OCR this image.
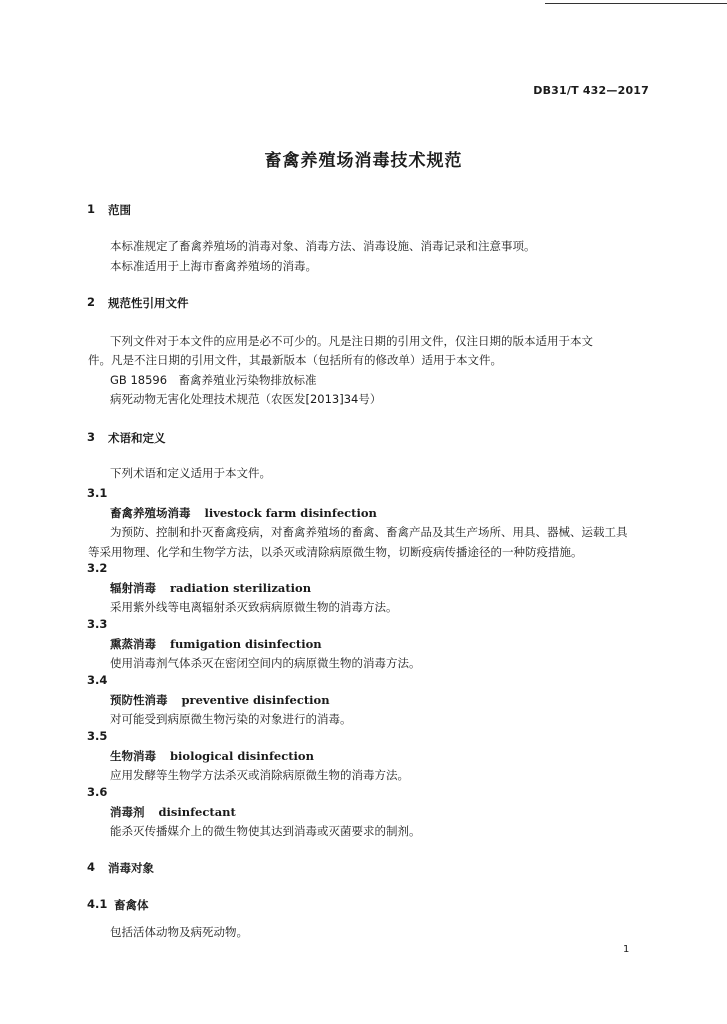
DB31/T 432—2017
畜禽养殖场消毒技术规范
1 范围
本标准规定了畜禽养殖场的消毒对象、消毒方法、消毒设施、消毒记录和注意事项。
本标准适用于上海市畜禽养殖场的消毒。
2 规范性引用文件
下列文件对于本文件的应用是必不可少的。凡是注日期的引用文件，仅注日期的版本适用于本文
件。凡是不注日期的引用文件，其最新版本（包括所有的修改单）适用于本文件。
GB 18596　畜禽养殖业污染物排放标准
病死动物无害化处理技术规范（农医发[2013]34号）
3 术语和定义
下列术语和定义适用于本文件。
3.1
畜禽养殖场消毒 livestock farm disinfection
为预防、控制和扑灭畜禽疫病，对畜禽养殖场的畜禽、畜禽产品及其生产场所、用具、器械、运载工具
等采用物理、化学和生物学方法，以杀灭或清除病原微生物，切断疫病传播途径的一种防疫措施。
3.2
辐射消毒 radiation sterilization
采用紫外线等电离辐射杀灭致病病原微生物的消毒方法。
3.3
熏蒸消毒 fumigation disinfection
使用消毒剂气体杀灭在密闭空间内的病原微生物的消毒方法。
3.4
预防性消毒 preventive disinfection
对可能受到病原微生物污染的对象进行的消毒。
3.5
生物消毒 biological disinfection
应用发酵等生物学方法杀灭或消除病原微生物的消毒方法。
3.6
消毒剂 disinfectant
能杀灭传播媒介上的微生物使其达到消毒或灭菌要求的制剂。
4 消毒对象
4.1 畜禽体
包括活体动物及病死动物。
1
